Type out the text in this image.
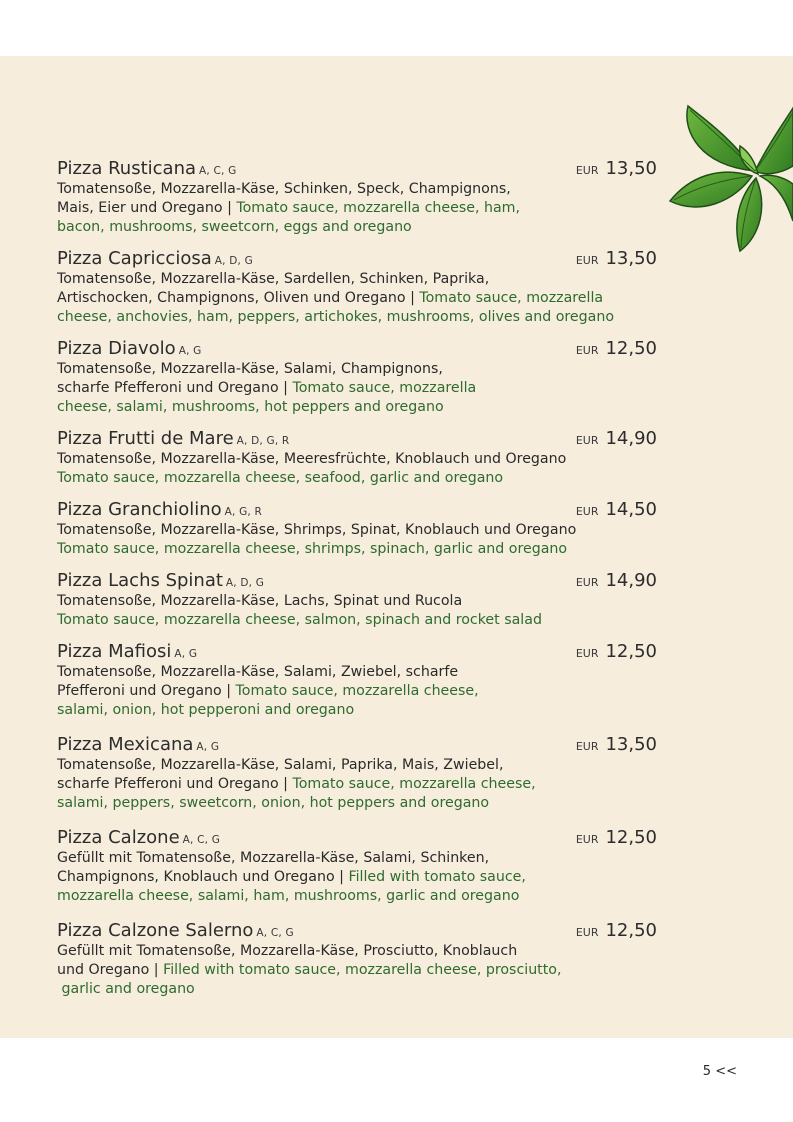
Pizza Rusticana A, C, G	EUR 13,50
Tomatensoße, Mozzarella-Käse, Schinken, Speck, Champignons,
Mais, Eier und Oregano | Tomato sauce, mozzarella cheese, ham,
bacon, mushrooms, sweetcorn, eggs and oregano
Pizza Capricciosa A, D, G	EUR 13,50
Tomatensoße, Mozzarella-Käse, Sardellen, Schinken, Paprika,
Artischocken, Champignons, Oliven und Oregano | Tomato sauce, mozzarella
cheese, anchovies, ham, peppers, artichokes, mushrooms, olives and oregano
Pizza Diavolo A, G	EUR 12,50
Tomatensoße, Mozzarella-Käse, Salami, Champignons,
scharfe Pfefferoni und Oregano | Tomato sauce, mozzarella
cheese, salami, mushrooms, hot peppers and oregano
Pizza Frutti de Mare A, D, G, R	EUR 14,90
Tomatensoße, Mozzarella-Käse, Meeresfrüchte, Knoblauch und Oregano
Tomato sauce, mozzarella cheese, seafood, garlic and oregano
Pizza Granchiolino A, G, R	EUR 14,50
Tomatensoße, Mozzarella-Käse, Shrimps, Spinat, Knoblauch und Oregano
Tomato sauce, mozzarella cheese, shrimps, spinach, garlic and oregano
Pizza Lachs Spinat A, D, G	EUR 14,90
Tomatensoße, Mozzarella-Käse, Lachs, Spinat und Rucola
Tomato sauce, mozzarella cheese, salmon, spinach and rocket salad
Pizza Mafiosi A, G	EUR 12,50
Tomatensoße, Mozzarella-Käse, Salami, Zwiebel, scharfe
Pfefferoni und Oregano | Tomato sauce, mozzarella cheese,
salami, onion, hot pepperoni and oregano
Pizza Mexicana A, G	EUR 13,50
Tomatensoße, Mozzarella-Käse, Salami, Paprika, Mais, Zwiebel,
scharfe Pfefferoni und Oregano | Tomato sauce, mozzarella cheese,
salami, peppers, sweetcorn, onion, hot peppers and oregano
Pizza Calzone A, C, G	EUR 12,50
Gefüllt mit Tomatensoße, Mozzarella-Käse, Salami, Schinken,
Champignons, Knoblauch und Oregano | Filled with tomato sauce,
mozzarella cheese, salami, ham, mushrooms, garlic and oregano
Pizza Calzone Salerno A, C, G	EUR 12,50
Gefüllt mit Tomatensoße, Mozzarella-Käse, Prosciutto, Knoblauch
und Oregano | Filled with tomato sauce, mozzarella cheese, prosciutto,
garlic and oregano
5 <<
